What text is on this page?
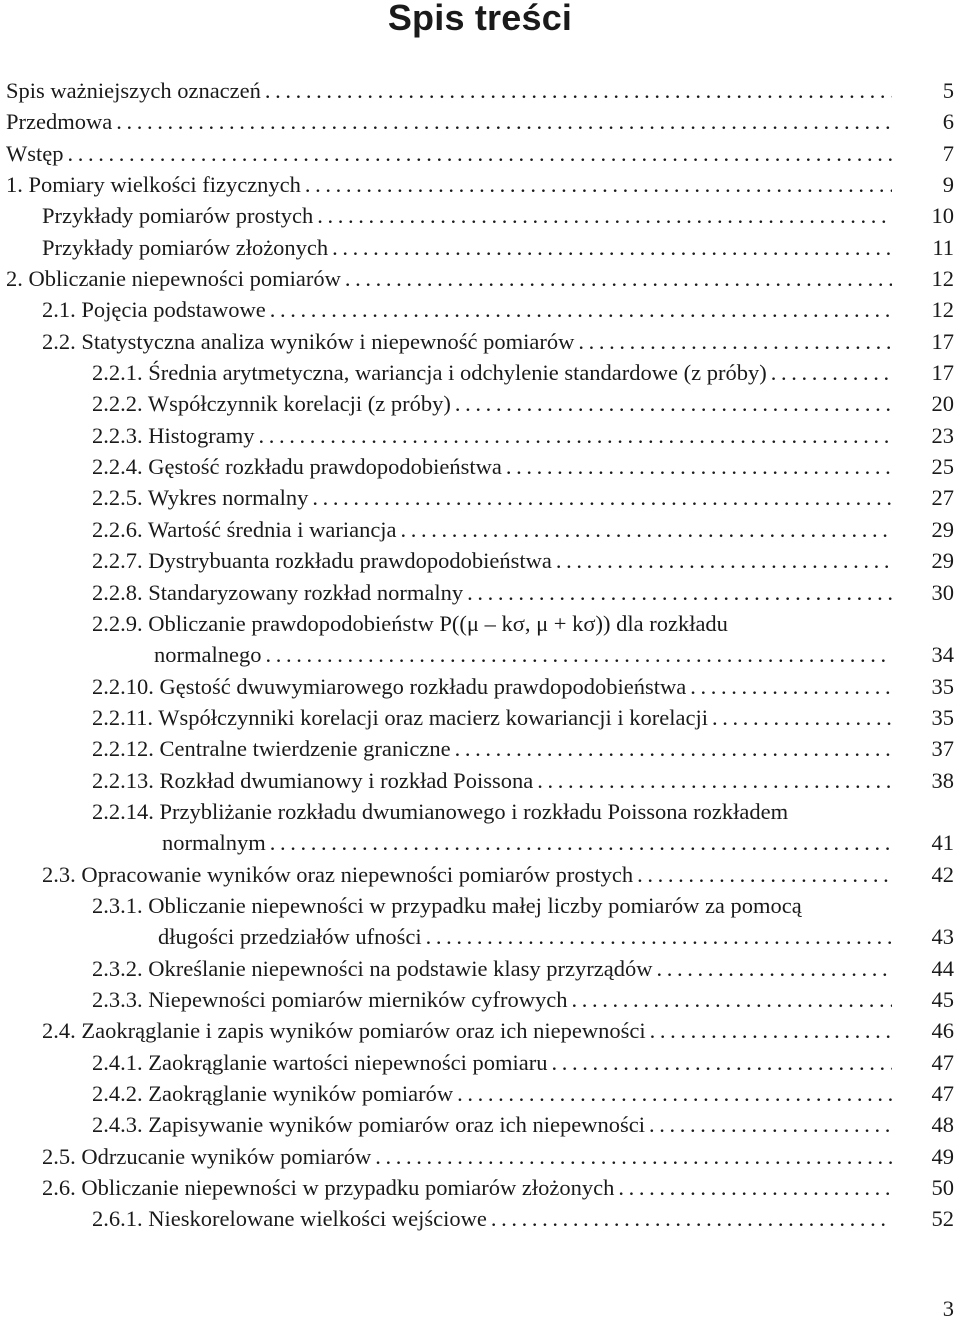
Spis treści
Spis ważniejszych oznaczeń . . .	5
Przedmowa . . .	6
Wstęp . . .	7
1. Pomiary wielkości fizycznych . . .	9
Przykłady pomiarów prostych . . .	10
Przykłady pomiarów złożonych . . .	11
2. Obliczanie niepewności pomiarów . . .	12
2.1. Pojęcia podstawowe . . .	12
2.2. Statystyczna analiza wyników i niepewność pomiarów . . .	17
2.2.1. Średnia arytmetyczna, wariancja i odchylenie standardowe (z próby) . . .	17
2.2.2. Współczynnik korelacji (z próby) . . .	20
2.2.3. Histogramy . . .	23
2.2.4. Gęstość rozkładu prawdopodobieństwa . . .	25
2.2.5. Wykres normalny . . .	27
2.2.6. Wartość średnia i wariancja . . .	29
2.2.7. Dystrybuanta rozkładu prawdopodobieństwa . . .	29
2.2.8. Standaryzowany rozkład normalny . . .	30
2.2.9. Obliczanie prawdopodobieństw P((μ – kσ, μ + kσ)) dla rozkładu
normalnego . . .	34
2.2.10. Gęstość dwuwymiarowego rozkładu prawdopodobieństwa . . .	35
2.2.11. Współczynniki korelacji oraz macierz kowariancji i korelacji . . .	35
2.2.12. Centralne twierdzenie graniczne . . .	37
2.2.13. Rozkład dwumianowy i rozkład Poissona . . .	38
2.2.14. Przybliżanie rozkładu dwumianowego i rozkładu Poissona rozkładem
normalnym . . .	41
2.3. Opracowanie wyników oraz niepewności pomiarów prostych . . .	42
2.3.1. Obliczanie niepewności w przypadku małej liczby pomiarów za pomocą
długości przedziałów ufności . . .	43
2.3.2. Określanie niepewności na podstawie klasy przyrządów . . .	44
2.3.3. Niepewności pomiarów mierników cyfrowych . . .	45
2.4. Zaokrąglanie i zapis wyników pomiarów oraz ich niepewności . . .	46
2.4.1. Zaokrąglanie wartości niepewności pomiaru . . .	47
2.4.2. Zaokrąglanie wyników pomiarów . . .	47
2.4.3. Zapisywanie wyników pomiarów oraz ich niepewności . . .	48
2.5. Odrzucanie wyników pomiarów . . .	49
2.6. Obliczanie niepewności w przypadku pomiarów złożonych . . .	50
2.6.1. Nieskorelowane wielkości wejściowe . . .	52
3
